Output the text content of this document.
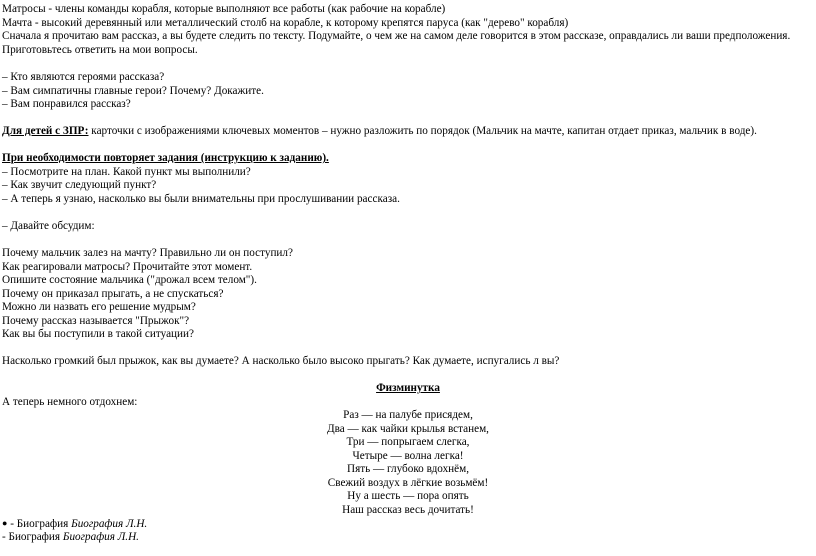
Матросы - члены команды корабля, которые выполняют все работы (как рабочие на корабле)
Мачта - высокий деревянный или металлический столб на корабле, к которому крепятся паруса (как "дерево" корабля)
Сначала я прочитаю вам рассказ, а вы будете следить по тексту. Подумайте, о чем же на самом деле говорится в этом рассказе, оправдались ли ваши предположения.
Приготовьтесь ответить на мои вопросы.
– Кто являются героями рассказа?
– Вам симпатичны главные герои? Почему? Докажите.
– Вам понравился рассказ?
Для детей с ЗПР: карточки с изображениями ключевых моментов – нужно разложить по порядок (Мальчик на мачте, капитан отдает приказ, мальчик в воде).
При необходимости повторяет задания (инструкцию к заданию).
– Посмотрите на план. Какой пункт мы выполнили?
– Как звучит следующий пункт?
– А теперь я узнаю, насколько вы были внимательны при прослушивании рассказа.
– Давайте обсудим:
Почему мальчик залез на мачту? Правильно ли он поступил?
Как реагировали матросы? Прочитайте этот момент.
Опишите состояние мальчика ("дрожал всем телом").
Почему он приказал прыгать, а не спускаться?
Можно ли назвать его решение мудрым?
Почему рассказ называется "Прыжок"?
Как вы бы поступили в такой ситуации?
Насколько громкий был прыжок, как вы думаете? А насколько было высоко прыгать? Как думаете, испугались л вы?
Физминутка
А теперь немного отдохнем:
Раз — на палубе присядем,
Два — как чайки крылья встанем,
Три — попрыгаем слегка,
Четыре — волна легка!
Пять — глубоко вдохнём,
Свежий воздух в лёгкие возьмём!
Ну а шесть — пора опять
Наш рассказ весь дочитать!
● - Биография Биография Л.Н.
- Биография Биография Л.Н.
